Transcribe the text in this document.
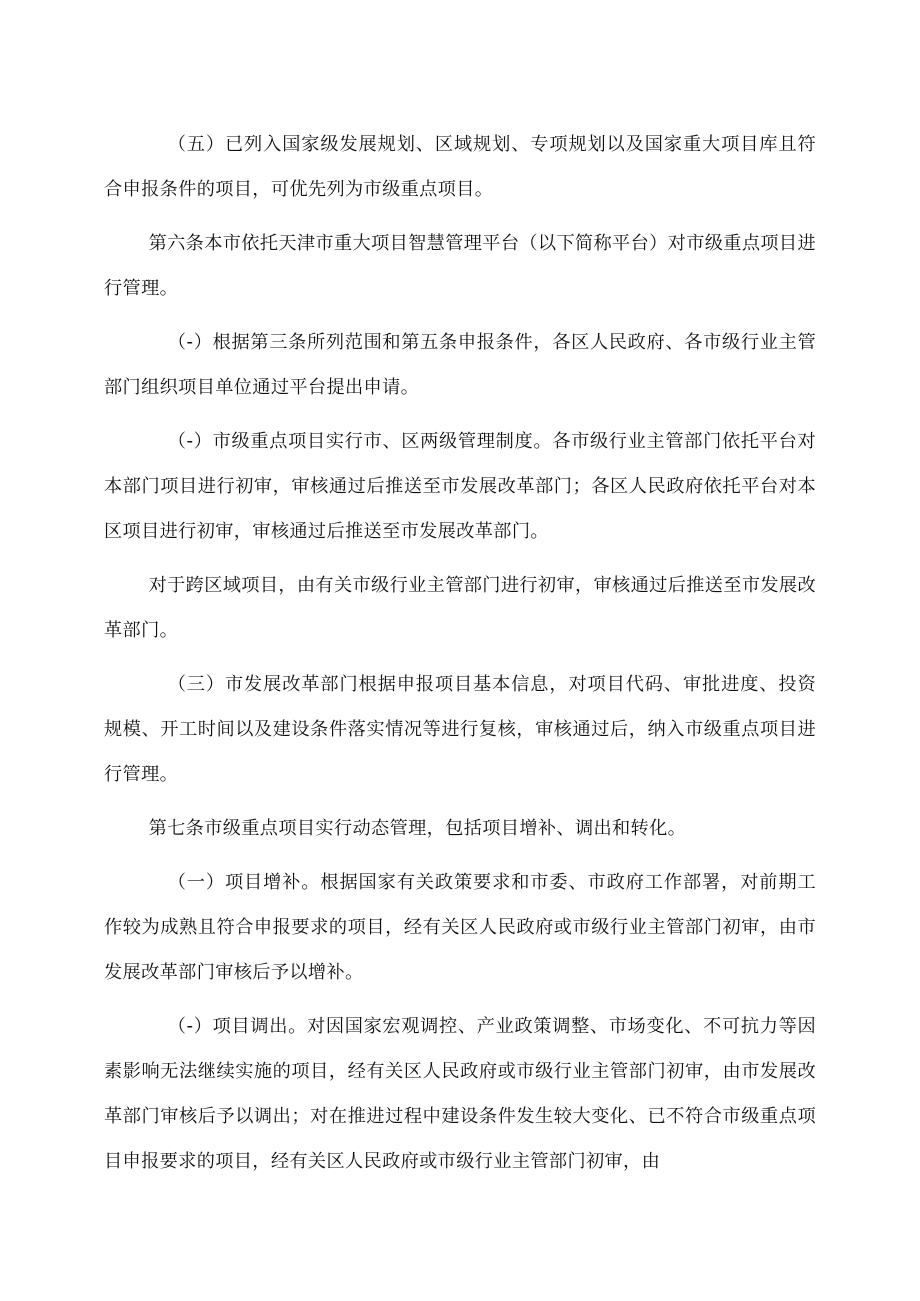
（五）已列入国家级发展规划、区域规划、专项规划以及国家重大项目库且符合申报条件的项目，可优先列为市级重点项目。

第六条本市依托天津市重大项目智慧管理平台（以下简称平台）对市级重点项目进行管理。

（-）根据第三条所列范围和第五条申报条件，各区人民政府、各市级行业主管部门组织项目单位通过平台提出申请。

（-）市级重点项目实行市、区两级管理制度。各市级行业主管部门依托平台对本部门项目进行初审，审核通过后推送至市发展改革部门；各区人民政府依托平台对本区项目进行初审，审核通过后推送至市发展改革部门。

对于跨区域项目，由有关市级行业主管部门进行初审，审核通过后推送至市发展改革部门。

（三）市发展改革部门根据申报项目基本信息，对项目代码、审批进度、投资规模、开工时间以及建设条件落实情况等进行复核，审核通过后，纳入市级重点项目进行管理。

第七条市级重点项目实行动态管理，包括项目增补、调出和转化。

（一）项目增补。根据国家有关政策要求和市委、市政府工作部署，对前期工作较为成熟且符合申报要求的项目，经有关区人民政府或市级行业主管部门初审，由市发展改革部门审核后予以增补。

（-）项目调出。对因国家宏观调控、产业政策调整、市场变化、不可抗力等因素影响无法继续实施的项目，经有关区人民政府或市级行业主管部门初审，由市发展改革部门审核后予以调出；对在推进过程中建设条件发生较大变化、已不符合市级重点项目申报要求的项目，经有关区人民政府或市级行业主管部门初审，由
